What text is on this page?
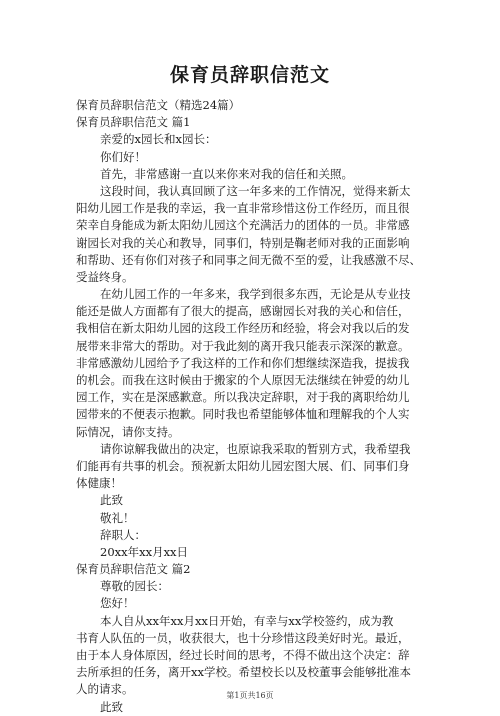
保育员辞职信范文
保育员辞职信范文（精选24篇）
保育员辞职信范文 篇1
亲爱的x园长和x园长：
你们好！
首先，非常感谢一直以来你来对我的信任和关照。
这段时间，我认真回顾了这一年多来的工作情况，觉得来新太
阳幼儿园工作是我的幸运，我一直非常珍惜这份工作经历，而且很
荣幸自身能成为新太阳幼儿园这个充满活力的团体的一员。非常感
谢园长对我的关心和教导，同事们，特别是鞠老师对我的正面影响
和帮助、还有你们对孩子和同事之间无微不至的爱，让我感激不尽、
受益终身。
在幼儿园工作的一年多来，我学到很多东西，无论是从专业技
能还是做人方面都有了很大的提高，感谢园长对我的关心和信任，
我相信在新太阳幼儿园的这段工作经历和经验，将会对我以后的发
展带来非常大的帮助。对于我此刻的离开我只能表示深深的歉意。
非常感激幼儿园给予了我这样的工作和你们想继续深造我，提拔我
的机会。而我在这时候由于搬家的个人原因无法继续在钟爱的幼儿
园工作，实在是深感歉意。所以我决定辞职，对于我的离职给幼儿
园带来的不便表示抱歉。同时我也希望能够体恤和理解我的个人实
际情况，请你支持。
请你谅解我做出的决定，也原谅我采取的暂别方式，我希望我
们能再有共事的机会。预祝新太阳幼儿园宏图大展、们、同事们身
体健康！
此致
敬礼！
辞职人：
20xx年xx月xx日
保育员辞职信范文 篇2
尊敬的园长：
您好！
本人自从xx年xx月xx日开始，有幸与xx学校签约，成为教
书育人队伍的一员，收获很大，也十分珍惜这段美好时光。最近，
由于本人身体原因，经过长时间的思考，不得不做出这个决定：辞
去所承担的任务，离开xx学校。希望校长以及校董事会能够批准本
人的请求。
此致
第1页共16页
